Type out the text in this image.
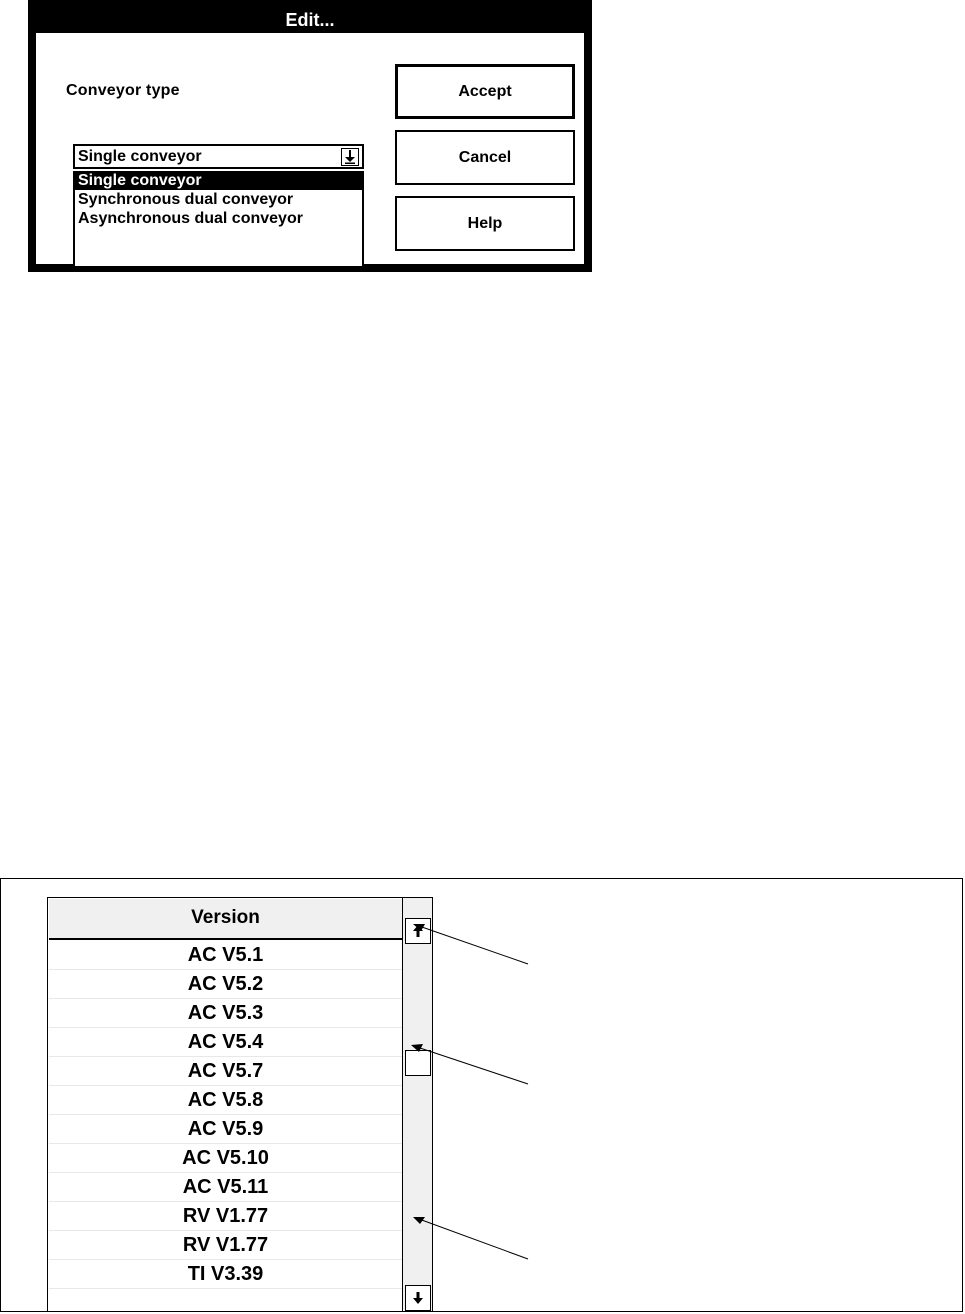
Edit...
Conveyor type
Single conveyor
Single conveyor
Synchronous dual conveyor
Asynchronous dual conveyor
Accept
Cancel
Help
Version
AC V5.1
AC V5.2
AC V5.3
AC V5.4
AC V5.7
AC V5.8
AC V5.9
AC V5.10
AC V5.11
RV V1.77
RV V1.77
TI V3.39
